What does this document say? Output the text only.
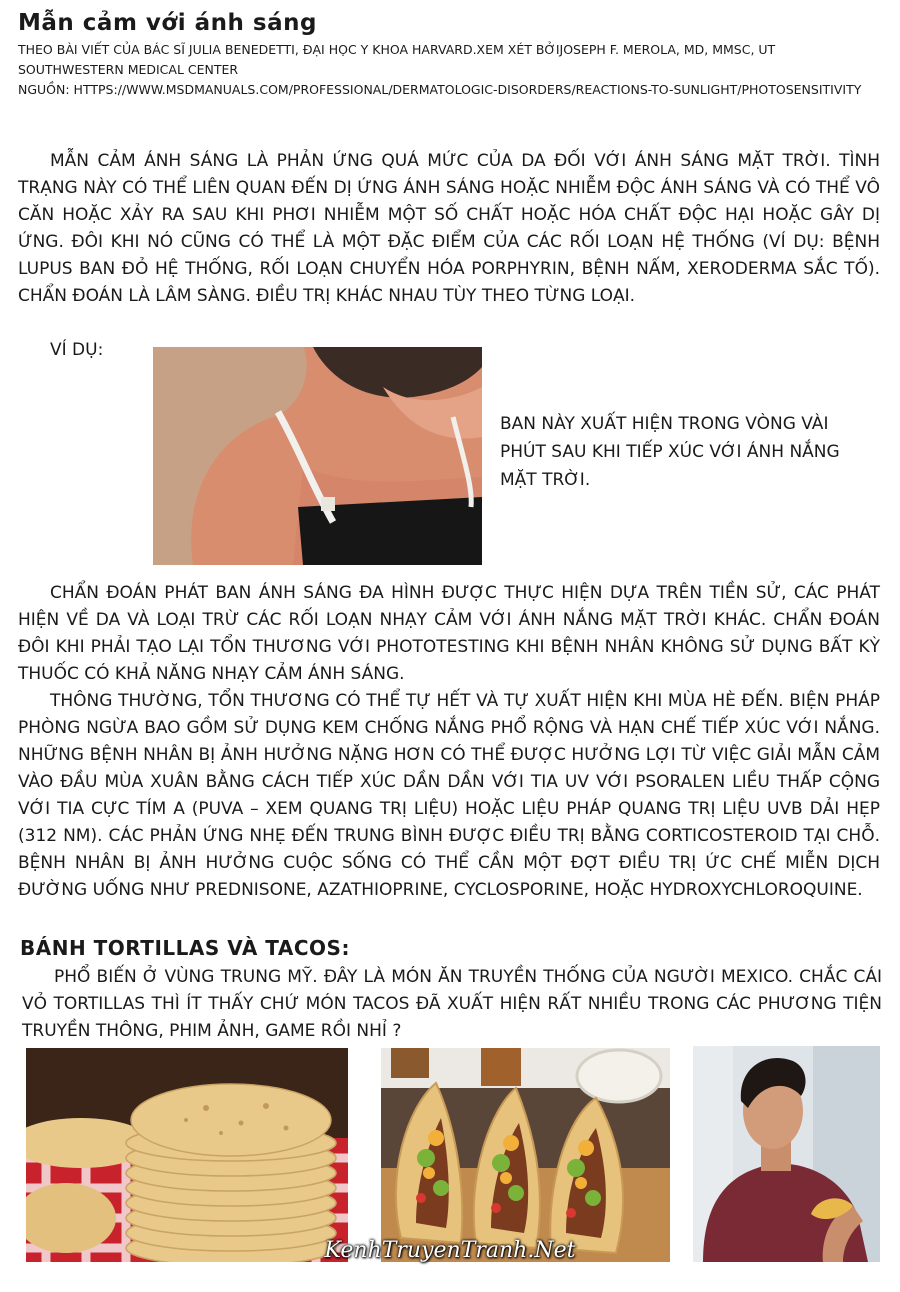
Mẫn cảm với ánh sáng
THEO BÀI VIẾT CỦA BÁC SĨ JULIA BENEDETTI, ĐẠI HỌC Y KHOA HARVARD.XEM XÉT BỞIJOSEPH F. MEROLA, MD, MMSC, UT SOUTHWESTERN MEDICAL CENTER
NGUỒN: HTTPS://WWW.MSDMANUALS.COM/PROFESSIONAL/DERMATOLOGIC-DISORDERS/REACTIONS-TO-SUNLIGHT/PHOTOSENSITIVITY
MẪN CẢM ÁNH SÁNG LÀ PHẢN ỨNG QUÁ MỨC CỦA DA ĐỐI VỚI ÁNH SÁNG MẶT TRỜI. TÌNH TRẠNG NÀY CÓ THỂ LIÊN QUAN ĐẾN DỊ ỨNG ÁNH SÁNG HOẶC NHIỄM ĐỘC ÁNH SÁNG VÀ CÓ THỂ VÔ CĂN HOẶC XẢY RA SAU KHI PHƠI NHIỄM MỘT SỐ CHẤT HOẶC HÓA CHẤT ĐỘC HẠI HOẶC GÂY DỊ ỨNG. ĐÔI KHI NÓ CŨNG CÓ THỂ LÀ MỘT ĐẶC ĐIỂM CỦA CÁC RỐI LOẠN HỆ THỐNG (VÍ DỤ: BỆNH LUPUS BAN ĐỎ HỆ THỐNG, RỐI LOẠN CHUYỂN HÓA PORPHYRIN, BỆNH NẤM, XERODERMA SẮC TỐ). CHẨN ĐOÁN LÀ LÂM SÀNG. ĐIỀU TRỊ KHÁC NHAU TÙY THEO TỪNG LOẠI.
VÍ DỤ:
BAN NÀY XUẤT HIỆN TRONG VÒNG VÀI PHÚT SAU KHI TIẾP XÚC VỚI ÁNH NẮNG MẶT TRỜI.
CHẨN ĐOÁN PHÁT BAN ÁNH SÁNG ĐA HÌNH ĐƯỢC THỰC HIỆN DỰA TRÊN TIỀN SỬ, CÁC PHÁT HIỆN VỀ DA VÀ LOẠI TRỪ CÁC RỐI LOẠN NHẠY CẢM VỚI ÁNH NẮNG MẶT TRỜI KHÁC. CHẨN ĐOÁN ĐÔI KHI PHẢI TẠO LẠI TỔN THƯƠNG VỚI PHOTOTESTING KHI BỆNH NHÂN KHÔNG SỬ DỤNG BẤT KỲ THUỐC CÓ KHẢ NĂNG NHẠY CẢM ÁNH SÁNG.
THÔNG THƯỜNG, TỔN THƯƠNG CÓ THỂ TỰ HẾT VÀ TỰ XUẤT HIỆN KHI MÙA HÈ ĐẾN. BIỆN PHÁP PHÒNG NGỪA BAO GỒM SỬ DỤNG KEM CHỐNG NẮNG PHỔ RỘNG VÀ HẠN CHẾ TIẾP XÚC VỚI NẮNG. NHỮNG BỆNH NHÂN BỊ ẢNH HƯỞNG NẶNG HƠN CÓ THỂ ĐƯỢC HƯỞNG LỢI TỪ VIỆC GIẢI MẪN CẢM VÀO ĐẦU MÙA XUÂN BẰNG CÁCH TIẾP XÚC DẦN DẦN VỚI TIA UV VỚI PSORALEN LIỀU THẤP CỘNG VỚI TIA CỰC TÍM A (PUVA – XEM QUANG TRỊ LIỆU) HOẶC LIỆU PHÁP QUANG TRỊ LIỆU UVB DẢI HẸP (312 NM). CÁC PHẢN ỨNG NHẸ ĐẾN TRUNG BÌNH ĐƯỢC ĐIỀU TRỊ BẰNG CORTICOSTEROID TẠI CHỖ. BỆNH NHÂN BỊ ẢNH HƯỞNG CUỘC SỐNG CÓ THỂ CẦN MỘT ĐỢT ĐIỀU TRỊ ỨC CHẾ MIỄN DỊCH ĐƯỜNG UỐNG NHƯ PREDNISONE, AZATHIOPRINE, CYCLOSPORINE, HOẶC HYDROXYCHLOROQUINE.
BÁNH TORTILLAS VÀ TACOS:
PHỔ BIẾN Ở VÙNG TRUNG MỸ. ĐÂY LÀ MÓN ĂN TRUYỀN THỐNG CỦA NGƯỜI MEXICO. CHẮC CÁI VỎ TORTILLAS THÌ ÍT THẤY CHỨ MÓN TACOS ĐÃ XUẤT HIỆN RẤT NHIỀU TRONG CÁC PHƯƠNG TIỆN TRUYỀN THÔNG, PHIM ẢNH, GAME RỒI NHỈ ?
KenhTruyenTranh.Net
